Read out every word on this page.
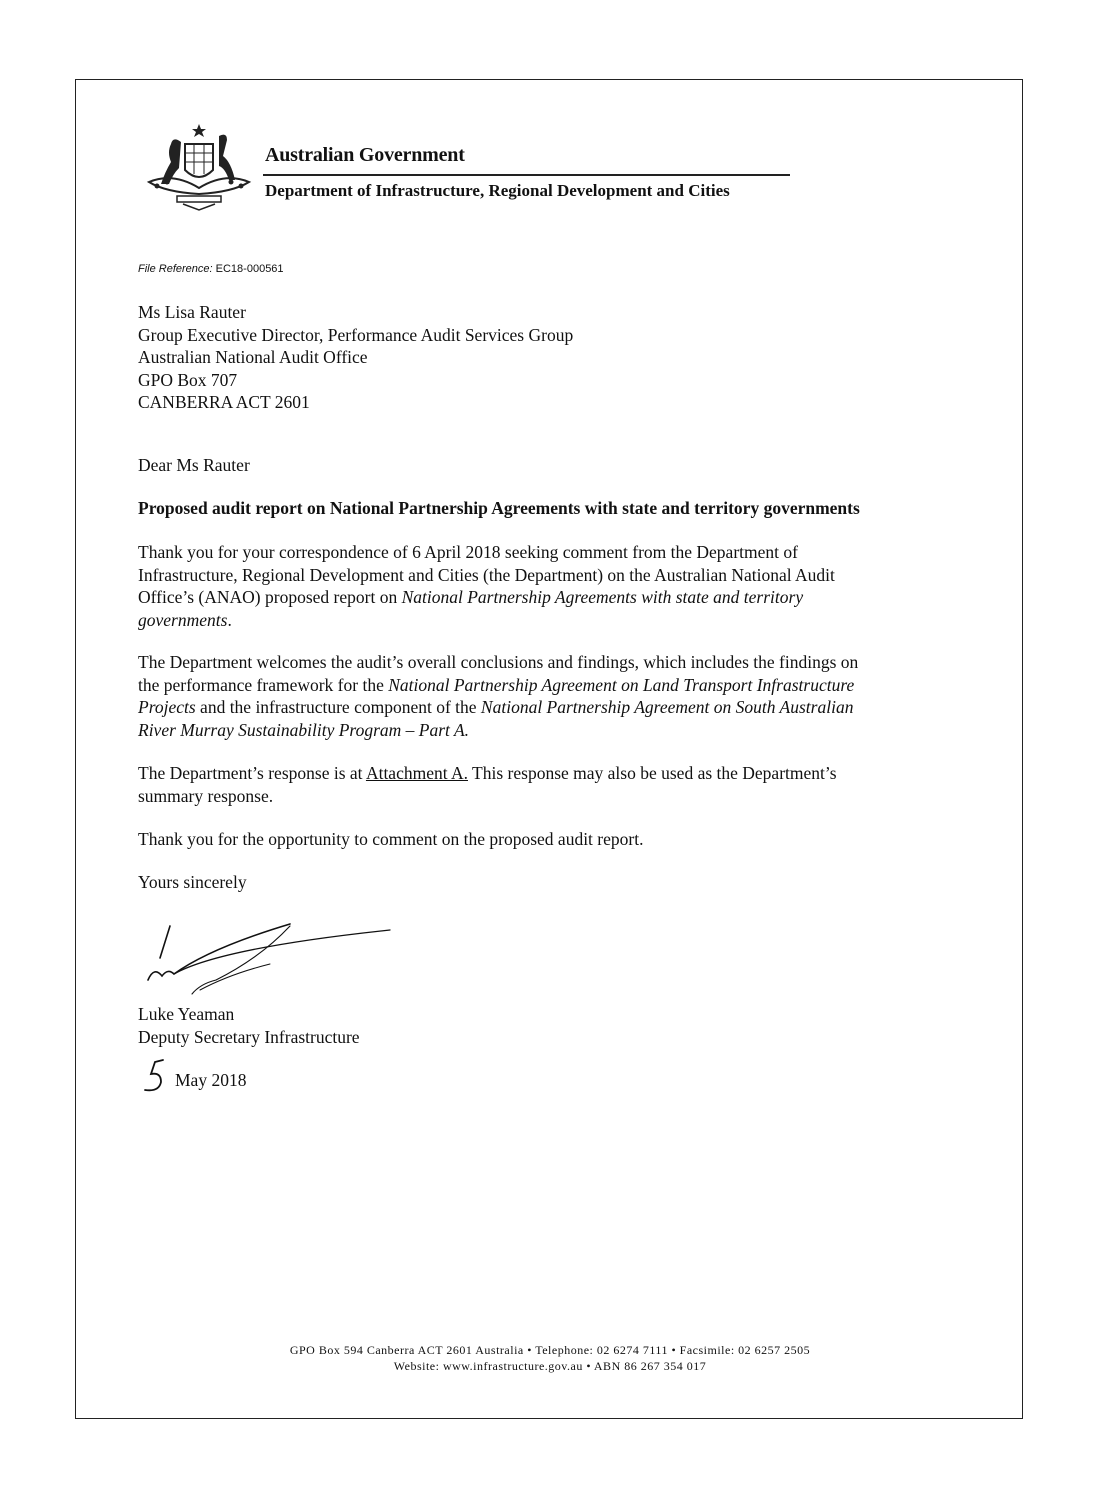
Australian Government
Department of Infrastructure, Regional Development and Cities
File Reference: EC18-000561
Ms Lisa Rauter
Group Executive Director, Performance Audit Services Group
Australian National Audit Office
GPO Box 707
CANBERRA ACT 2601
Dear Ms Rauter
Proposed audit report on National Partnership Agreements with state and territory governments
Thank you for your correspondence of 6 April 2018 seeking comment from the Department of
Infrastructure, Regional Development and Cities (the Department) on the Australian National Audit
Office’s (ANAO) proposed report on National Partnership Agreements with state and territory
governments.
The Department welcomes the audit’s overall conclusions and findings, which includes the findings on
the performance framework for the National Partnership Agreement on Land Transport Infrastructure
Projects and the infrastructure component of the National Partnership Agreement on South Australian
River Murray Sustainability Program – Part A.
The Department’s response is at Attachment A. This response may also be used as the Department’s
summary response.
Thank you for the opportunity to comment on the proposed audit report.
Yours sincerely
Luke Yeaman
Deputy Secretary Infrastructure
May 2018
GPO Box 594 Canberra ACT 2601 Australia • Telephone: 02 6274 7111 • Facsimile: 02 6257 2505
Website: www.infrastructure.gov.au • ABN 86 267 354 017
